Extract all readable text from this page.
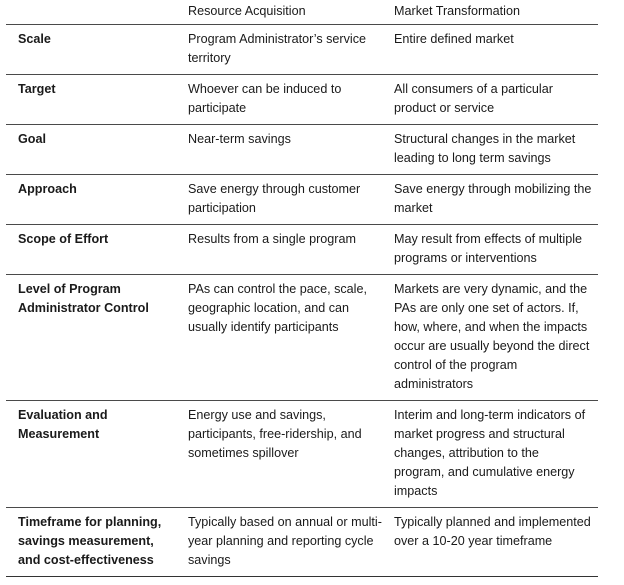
	Resource Acquisition	Market Transformation
Scale	Program Administrator’s service territory	Entire defined market
Target	Whoever can be induced to participate	All consumers of a particular product or service
Goal	Near-term savings	Structural changes in the market leading to long term savings
Approach	Save energy through customer participation	Save energy through mobilizing the market
Scope of Effort	Results from a single program	May result from effects of multiple programs or interventions
Level of Program Administrator Control	PAs can control the pace, scale, geographic location, and can usually identify participants	Markets are very dynamic, and the PAs are only one set of actors. If, how, where, and when the impacts occur are usually beyond the direct control of the program administrators
Evaluation and Measurement	Energy use and savings, participants, free-ridership, and sometimes spillover	Interim and long-term indicators of market progress and structural changes, attribution to the program, and cumulative energy impacts
Timeframe for planning, savings measurement, and cost-effectiveness	Typically based on annual or multi-year planning and reporting cycle savings	Typically planned and implemented over a 10-20 year timeframe
